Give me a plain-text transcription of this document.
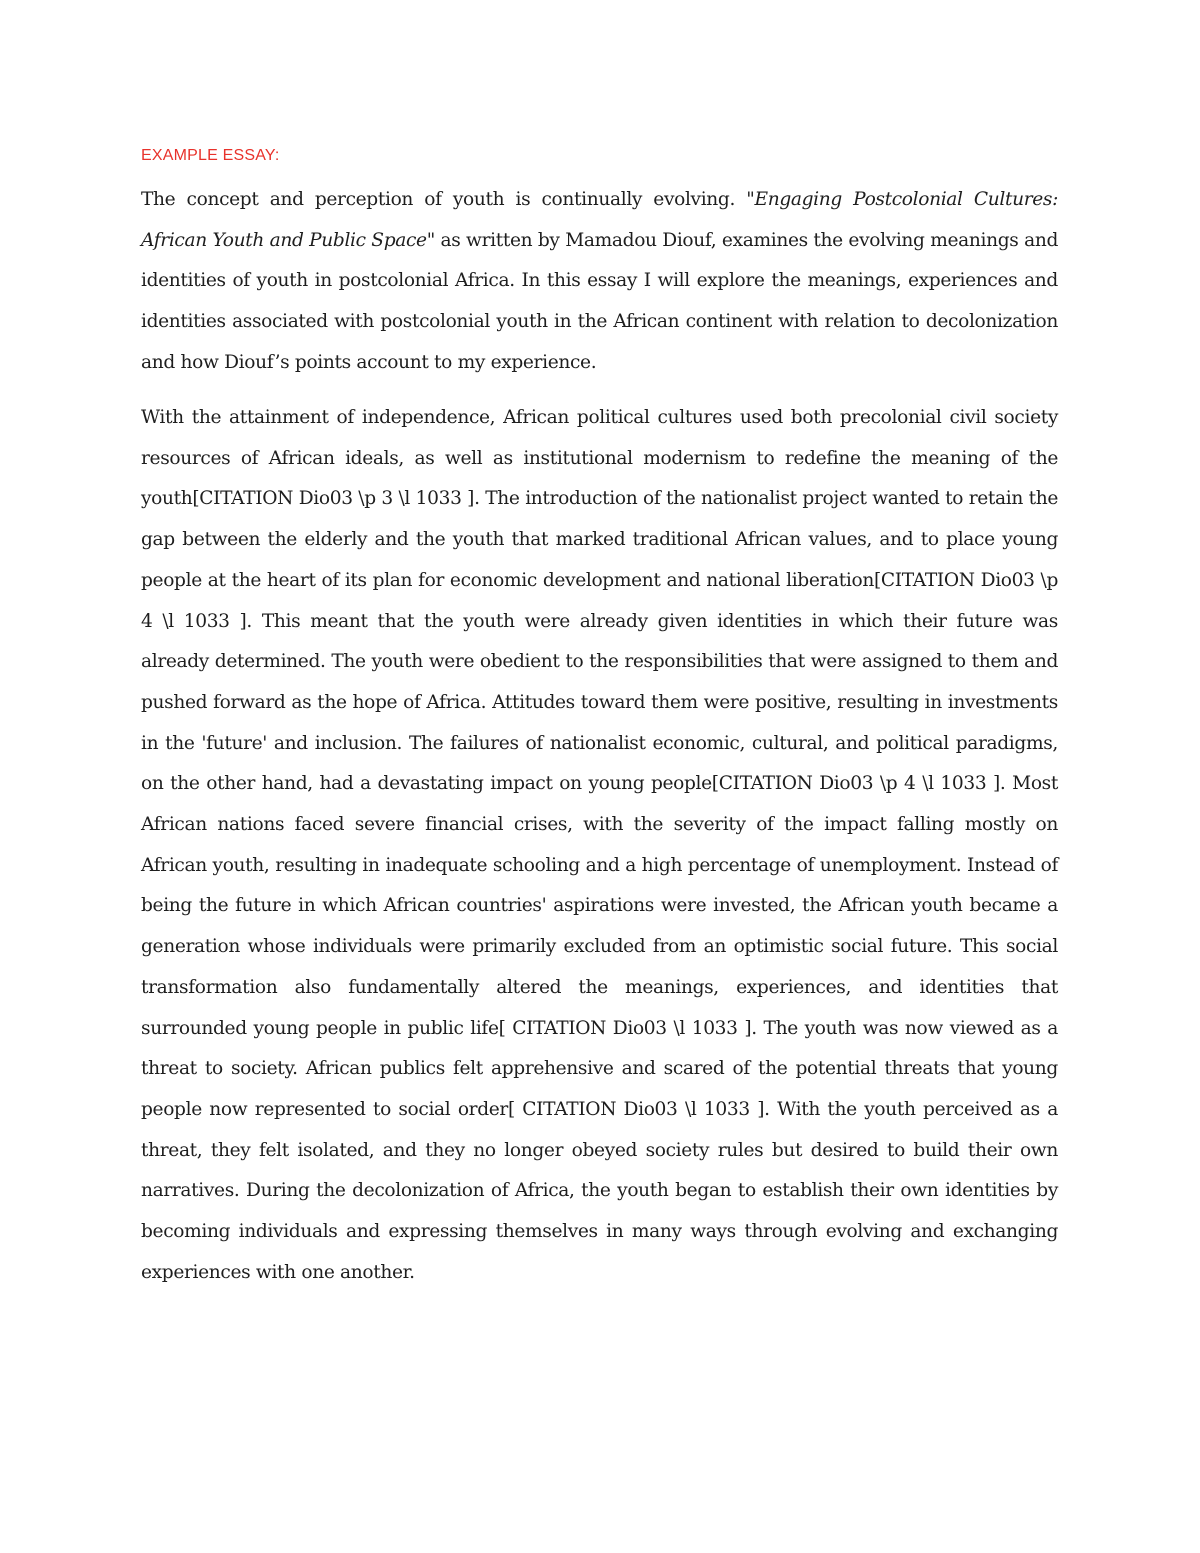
EXAMPLE ESSAY:

The concept and perception of youth is continually evolving. "Engaging Postcolonial Cultures: African Youth and Public Space" as written by Mamadou Diouf, examines the evolving meanings and identities of youth in postcolonial Africa. In this essay I will explore the meanings, experiences and identities associated with postcolonial youth in the African continent with relation to decolonization and how Diouf’s points account to my experience.

With the attainment of independence, African political cultures used both precolonial civil society resources of African ideals, as well as institutional modernism to redefine the meaning of the youth[CITATION Dio03 \p 3 \l 1033 ]. The introduction of the nationalist project wanted to retain the gap between the elderly and the youth that marked traditional African values, and to place young people at the heart of its plan for economic development and national liberation[CITATION Dio03 \p 4 \l 1033 ]. This meant that the youth were already given identities in which their future was already determined. The youth were obedient to the responsibilities that were assigned to them and pushed forward as the hope of Africa. Attitudes toward them were positive, resulting in investments in the 'future' and inclusion. The failures of nationalist economic, cultural, and political paradigms, on the other hand, had a devastating impact on young people[CITATION Dio03 \p 4 \l 1033 ]. Most African nations faced severe financial crises, with the severity of the impact falling mostly on African youth, resulting in inadequate schooling and a high percentage of unemployment. Instead of being the future in which African countries' aspirations were invested, the African youth became a generation whose individuals were primarily excluded from an optimistic social future. This social transformation also fundamentally altered the meanings, experiences, and identities that surrounded young people in public life[ CITATION Dio03 \l 1033 ]. The youth was now viewed as a threat to society. African publics felt apprehensive and scared of the potential threats that young people now represented to social order[ CITATION Dio03 \l 1033 ]. With the youth perceived as a threat, they felt isolated, and they no longer obeyed society rules but desired to build their own narratives. During the decolonization of Africa, the youth began to establish their own identities by becoming individuals and expressing themselves in many ways through evolving and exchanging experiences with one another.
